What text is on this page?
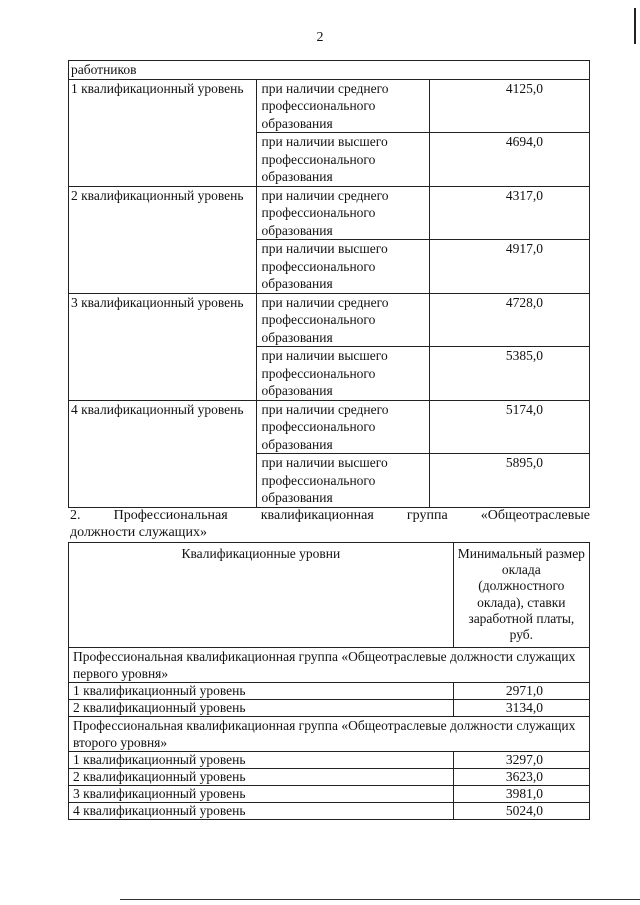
2
работников		
1 квалификационный уровень	при наличии среднего профессионального образования	4125,0
	при наличии высшего профессионального образования	4694,0
2 квалификационный уровень	при наличии среднего профессионального образования	4317,0
	при наличии высшего профессионального образования	4917,0
3 квалификационный уровень	при наличии среднего профессионального образования	4728,0
	при наличии высшего профессионального образования	5385,0
4 квалификационный уровень	при наличии среднего профессионального образования	5174,0
	при наличии высшего профессионального образования	5895,0
2. Профессиональная квалификационная группа «Общеотраслевые
должности служащих»
Квалификационные уровни	Минимальный размер оклада (должностного оклада), ставки заработной платы, руб.
Профессиональная квалификационная группа «Общеотраслевые должности служащих первого уровня»	
1 квалификационный уровень	2971,0
2 квалификационный уровень	3134,0
Профессиональная квалификационная группа «Общеотраслевые должности служащих второго уровня»	
1 квалификационный уровень	3297,0
2 квалификационный уровень	3623,0
3 квалификационный уровень	3981,0
4 квалификационный уровень	5024,0
